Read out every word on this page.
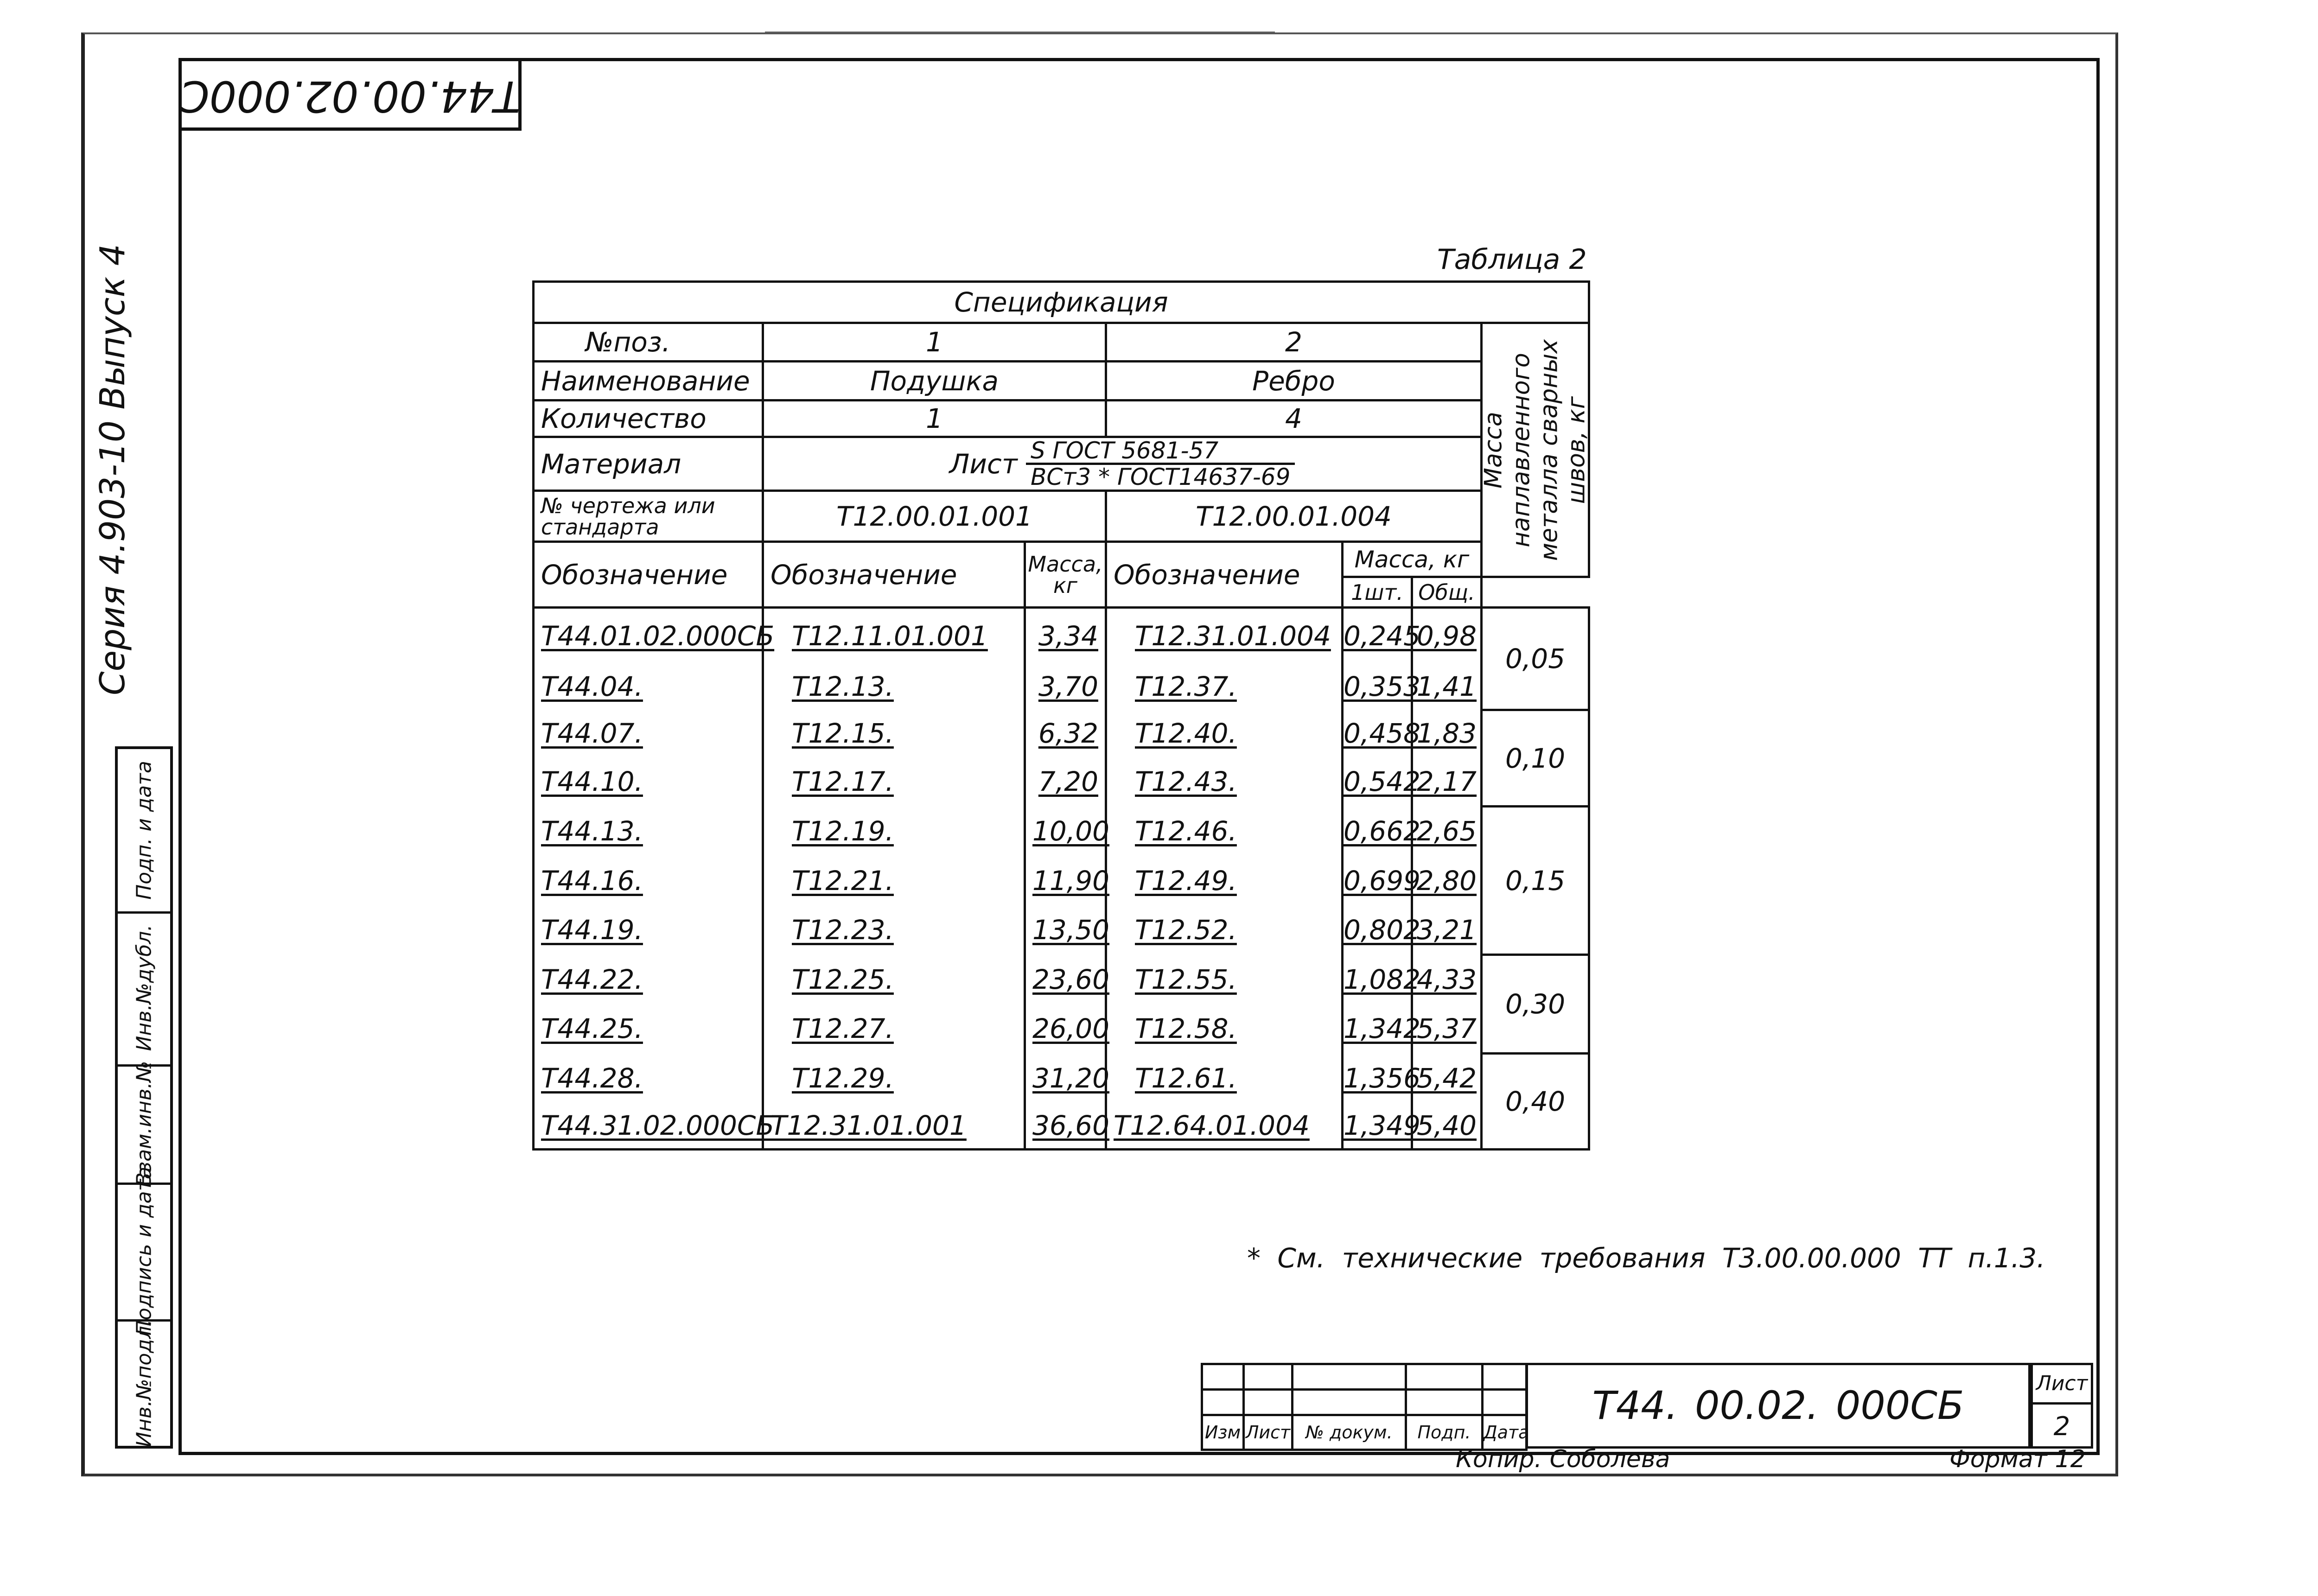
Т44.00.02.000С
Серия 4.903-10 Выпуск 4
Инв.№подл.
Подпись и дата
Взам.инв.№
Инв.№дубл.
Подп. и дата
Таблица 2
Спецификация						
№поз.	1		2			Масса наплавленного металла сварных швов, кг

Наименование	Подушка		Ребро			
Количество	1		4			
Материал	Лист $\frac{\text{S ГОСТ 5681-57}}{\text{ВСт3 * ГОСТ14637-69}}$

№ чертежа или стандарта	Т12.00.01.001		Т12.00.01.004			
Обозначение	Обозначение	Масса, кг	Обозначение	Масса, кг		
				1шт.	Общ.	
Т44.01.02.000СБ	Т12.11.01.001	3,34	Т12.31.01.004	0,245	0,98	0,05
Т44.04.	Т12.13.	3,70	Т12.37.	0,353	1,41	
Т44.07.	Т12.15.	6,32	Т12.40.	0,458	1,83	0,10
Т44.10.	Т12.17.	7,20	Т12.43.	0,542	2,17	
Т44.13.	Т12.19.	10,00	Т12.46.	0,662	2,65	0,15
Т44.16.	Т12.21.	11,90	Т12.49.	0,699	2,80	
Т44.19.	Т12.23.	13,50	Т12.52.	0,802	3,21	
Т44.22.	Т12.25.	23,60	Т12.55.	1,082	4,33	0,30
Т44.25.	Т12.27.	26,00	Т12.58.	1,342	5,37	
Т44.28.	Т12.29.	31,20	Т12.61.	1,356	5,42	0,40
Т44.31.02.000СБ	Т12.31.01.001	36,60	Т12.64.01.004	1,349	5,40	
* См. технические требования Т3.00.00.000 ТТ п.1.3.

Изм	Лист	№ докум.	Подп.	Дата
Т44. 00.02. 000СБ	Лист
2
Копир. Соболева	Формат 12
